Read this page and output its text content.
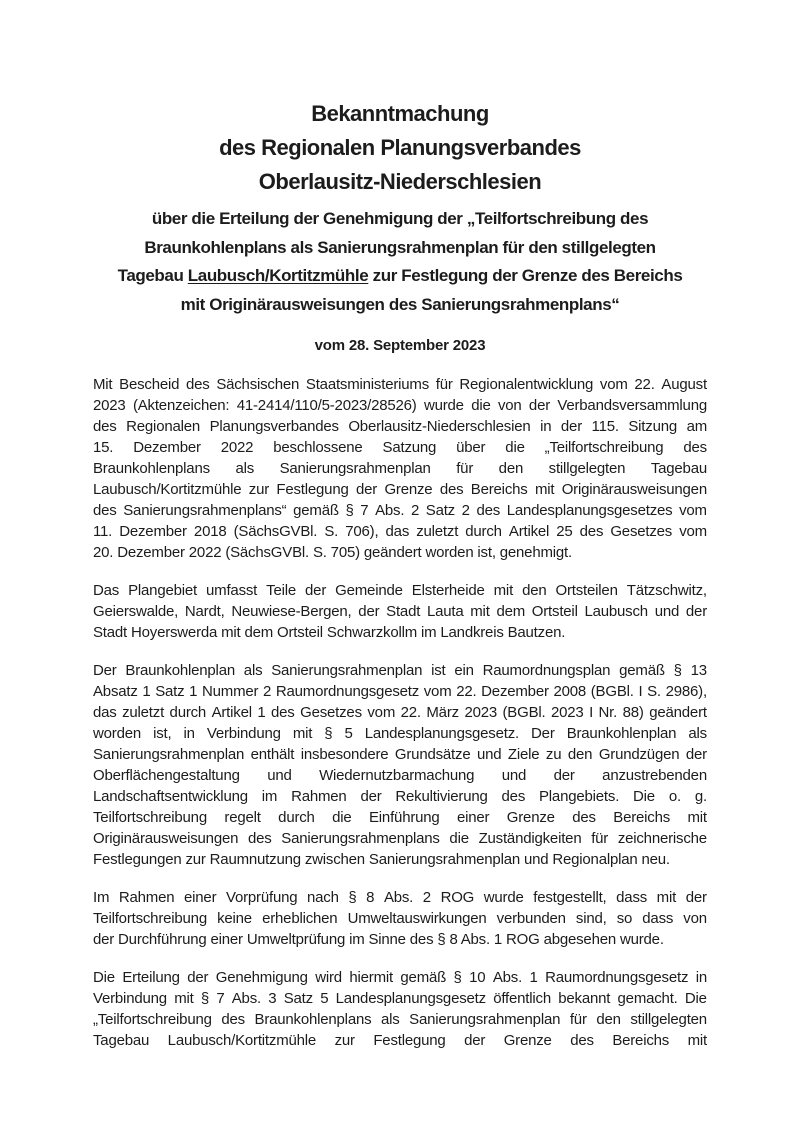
Bekanntmachung
des Regionalen Planungsverbandes
Oberlausitz-Niederschlesien
über die Erteilung der Genehmigung der „Teilfortschreibung des
Braunkohlenplans als Sanierungsrahmenplan für den stillgelegten
Tagebau Laubusch/Kortitzmühle zur Festlegung der Grenze des Bereichs
mit Originärausweisungen des Sanierungsrahmenplans“
vom 28. September 2023
Mit Bescheid des Sächsischen Staatsministeriums für Regionalentwicklung vom 22. August
2023 (Aktenzeichen: 41-2414/110/5-2023/28526) wurde die von der Verbandsversammlung
des Regionalen Planungsverbandes Oberlausitz-Niederschlesien in der 115. Sitzung am
15. Dezember 2022 beschlossene Satzung über die „Teilfortschreibung des
Braunkohlenplans als Sanierungsrahmenplan für den stillgelegten Tagebau
Laubusch/Kortitzmühle zur Festlegung der Grenze des Bereichs mit Originärausweisungen
des Sanierungsrahmenplans“ gemäß § 7 Abs. 2 Satz 2 des Landesplanungsgesetzes vom
11. Dezember 2018 (SächsGVBl. S. 706), das zuletzt durch Artikel 25 des Gesetzes vom
20. Dezember 2022 (SächsGVBl. S. 705) geändert worden ist, genehmigt.
Das Plangebiet umfasst Teile der Gemeinde Elsterheide mit den Ortsteilen Tätzschwitz,
Geierswalde, Nardt, Neuwiese-Bergen, der Stadt Lauta mit dem Ortsteil Laubusch und der
Stadt Hoyerswerda mit dem Ortsteil Schwarzkollm im Landkreis Bautzen.
Der Braunkohlenplan als Sanierungsrahmenplan ist ein Raumordnungsplan gemäß § 13
Absatz 1 Satz 1 Nummer 2 Raumordnungsgesetz vom 22. Dezember 2008 (BGBl. I S. 2986),
das zuletzt durch Artikel 1 des Gesetzes vom 22. März 2023 (BGBl. 2023 I Nr. 88) geändert
worden ist, in Verbindung mit § 5 Landesplanungsgesetz. Der Braunkohlenplan als
Sanierungsrahmenplan enthält insbesondere Grundsätze und Ziele zu den Grundzügen der
Oberflächengestaltung und Wiedernutzbarmachung und der anzustrebenden
Landschaftsentwicklung im Rahmen der Rekultivierung des Plangebiets. Die o. g.
Teilfortschreibung regelt durch die Einführung einer Grenze des Bereichs mit
Originärausweisungen des Sanierungsrahmenplans die Zuständigkeiten für zeichnerische
Festlegungen zur Raumnutzung zwischen Sanierungsrahmenplan und Regionalplan neu.
Im Rahmen einer Vorprüfung nach § 8 Abs. 2 ROG wurde festgestellt, dass mit der
Teilfortschreibung keine erheblichen Umweltauswirkungen verbunden sind, so dass von
der Durchführung einer Umweltprüfung im Sinne des § 8 Abs. 1 ROG abgesehen wurde.
Die Erteilung der Genehmigung wird hiermit gemäß § 10 Abs. 1 Raumordnungsgesetz in
Verbindung mit § 7 Abs. 3 Satz 5 Landesplanungsgesetz öffentlich bekannt gemacht. Die
„Teilfortschreibung des Braunkohlenplans als Sanierungsrahmenplan für den stillgelegten
Tagebau Laubusch/Kortitzmühle zur Festlegung der Grenze des Bereichs mit
